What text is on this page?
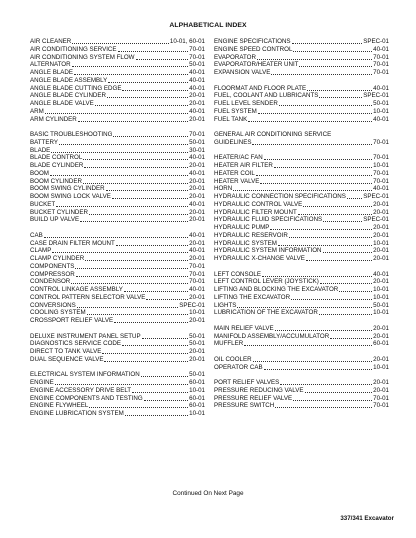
ALPHABETICAL INDEX
AIR CLEANER	10-01, 60-01
AIR CONDITIONING SERVICE	70-01
AIR CONDITIONING SYSTEM FLOW	70-01
ALTERNATOR	50-01
ANGLE BLADE	40-01
ANGLE BLADE ASSEMBLY	40-01
ANGLE BLADE CUTTING EDGE	40-01
ANGLE BLADE CYLINDER	20-01
ANGLE BLADE VALVE	20-01
ARM	40-01
ARM CYLINDER	20-01
BASIC TROUBLESHOOTING	70-01
BATTERY	50-01
BLADE	30-01
BLADE CONTROL	40-01
BLADE CYLINDER	20-01
BOOM	40-01
BOOM CYLINDER	20-01
BOOM SWING CYLINDER	20-01
BOOM SWING LOCK VALVE	20-01
BUCKET	40-01
BUCKET CYLINDER	20-01
BUILD UP VALVE	20-01
CAB	40-01
CASE DRAIN FILTER MOUNT	20-01
CLAMP	40-01
CLAMP CYLINDER	20-01
COMPONENTS	70-01
COMPRESSOR	70-01
CONDENSOR	70-01
CONTROL LINKAGE ASSEMBLY	40-01
CONTROL PATTERN SELECTOR VALVE	20-01
CONVERSIONS	SPEC-01
COOLING SYSTEM	10-01
CROSSPORT RELIEF VALVE	20-01
DELUXE INSTRUMENT PANEL SETUP	50-01
DIAGNOSTICS SERVICE CODE	50-01
DIRECT TO TANK VALVE	20-01
DUAL SEQUENCE VALVE	20-01
ELECTRICAL SYSTEM INFORMATION	50-01
ENGINE	60-01
ENGINE ACCESSORY DRIVE BELT	10-01
ENGINE COMPONENTS AND TESTING	60-01
ENGINE FLYWHEEL	60-01
ENGINE LUBRICATION SYSTEM	10-01
ENGINE SPECIFICATIONS	SPEC-01
ENGINE SPEED CONTROL	40-01
EVAPORATOR	70-01
EVAPORATOR/HEATER UNIT	70-01
EXPANSION VALVE	70-01
FLOORMAT AND FLOOR PLATE	40-01
FUEL, COOLANT AND LUBRICANTS	SPEC-01
FUEL LEVEL SENDER	50-01
FUEL SYSTEM	10-01
FUEL TANK	40-01
GENERAL AIR CONDITIONING SERVICE
GUIDELINES	70-01
HEATER/AC FAN	70-01
HEATER AIR FILTER	10-01
HEATER COIL	70-01
HEATER VALVE	70-01
HORN	40-01
HYDRAULIC CONNECTION SPECIFICATIONS	SPEC-01
HYDRAULIC CONTROL VALVE	20-01
HYDRAULIC FILTER MOUNT	20-01
HYDRAULIC FLUID SPECIFICATIONS	SPEC-01
HYDRAULIC PUMP	20-01
HYDRAULIC RESERVOIR	20-01
HYDRAULIC SYSTEM	10-01
HYDRAULIC SYSTEM INFORMATION	20-01
HYDRAULIC X-CHANGE VALVE	20-01
LEFT CONSOLE	40-01
LEFT CONTROL LEVER (JOYSTICK)	20-01
LIFTING AND BLOCKING THE EXCAVATOR	10-01
LIFTING THE EXCAVATOR	10-01
LIGHTS	50-01
LUBRICATION OF THE EXCAVATOR	10-01
MAIN RELIEF VALVE	20-01
MANIFOLD ASSEMBLY/ACCUMULATOR	20-01
MUFFLER	60-01
OIL COOLER	20-01
OPERATOR CAB	10-01
PORT RELIEF VALVES	20-01
PRESSURE REDUCING VALVE	20-01
PRESSURE RELIEF VALVE	70-01
PRESSURE SWITCH	70-01
Continued On Next Page
337/341 Excavator
